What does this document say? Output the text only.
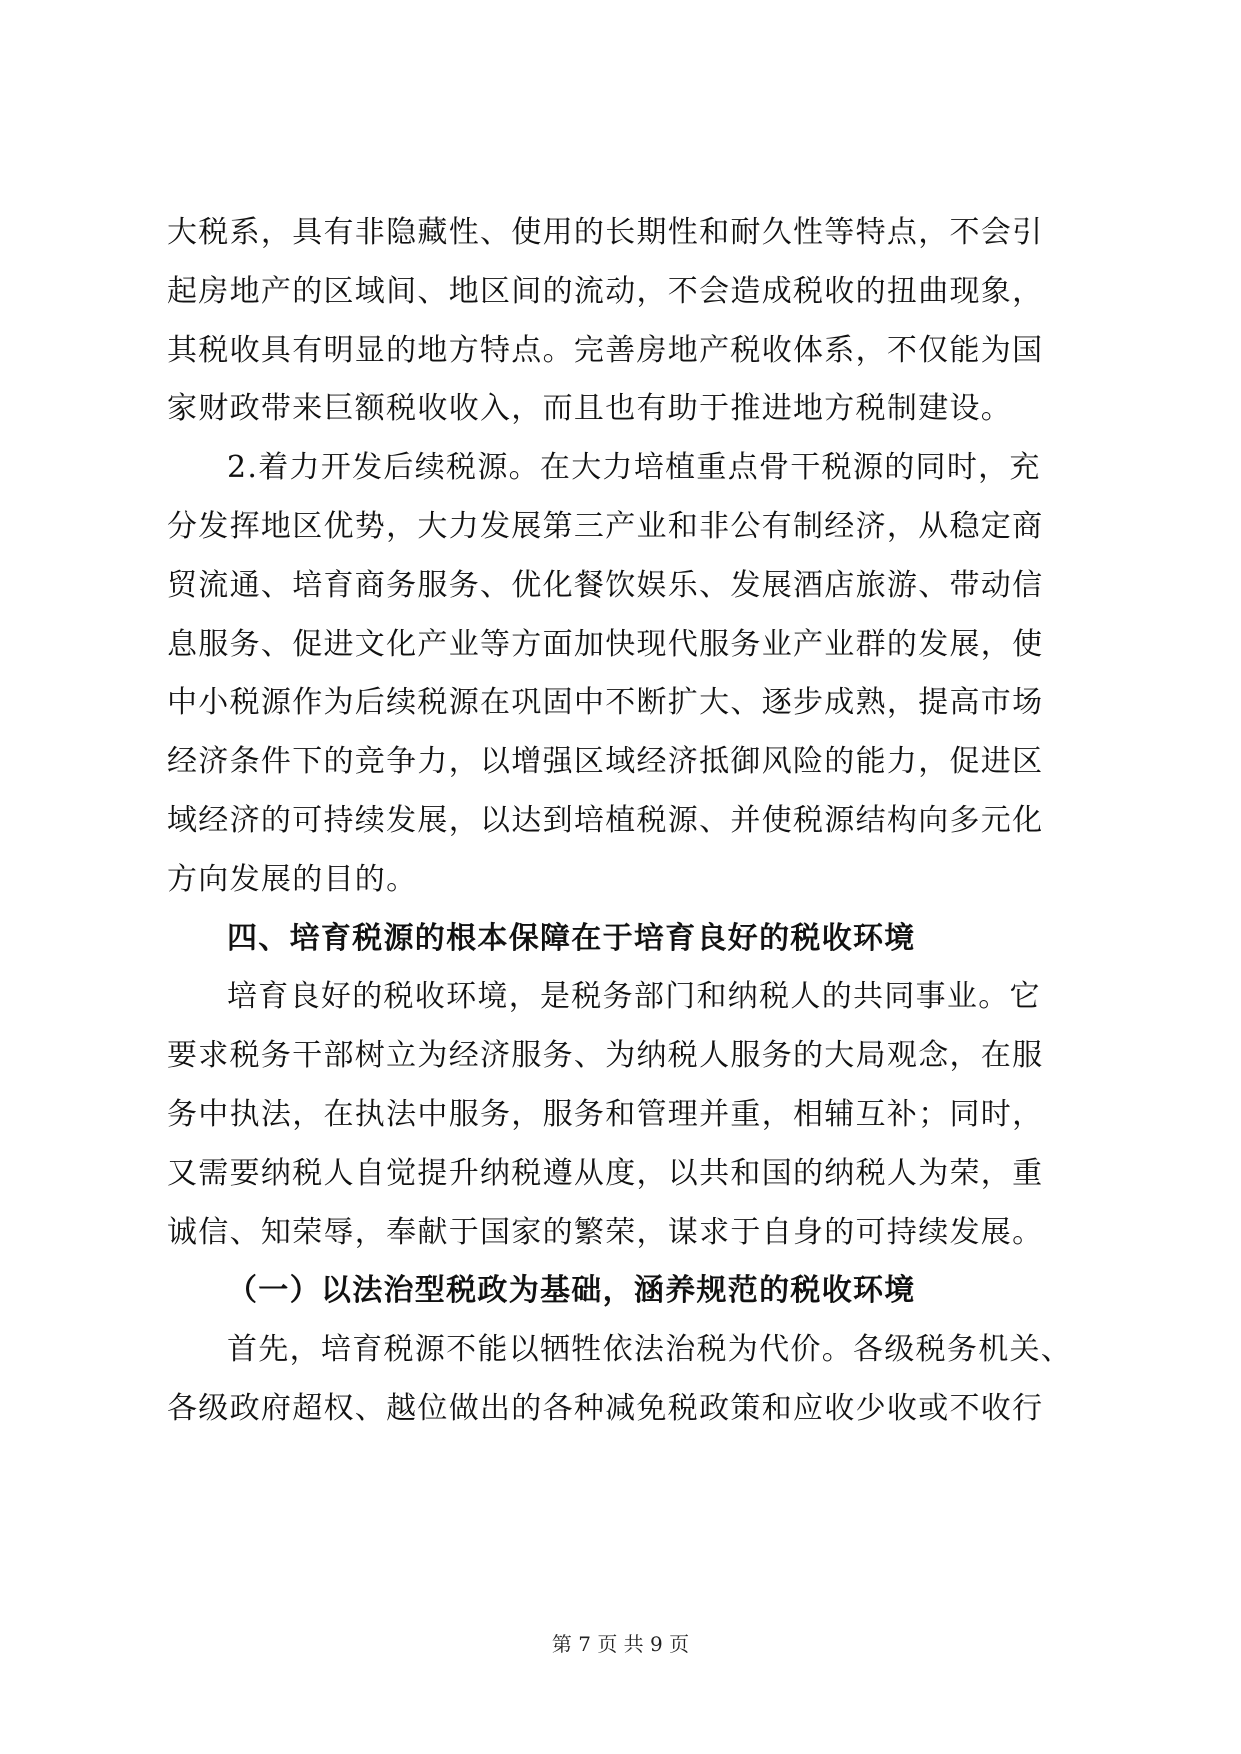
大税系，具有非隐藏性、使用的长期性和耐久性等特点，不会引
起房地产的区域间、地区间的流动，不会造成税收的扭曲现象，
其税收具有明显的地方特点。完善房地产税收体系，不仅能为国
家财政带来巨额税收收入，而且也有助于推进地方税制建设。

2.着力开发后续税源。在大力培植重点骨干税源的同时，充
分发挥地区优势，大力发展第三产业和非公有制经济，从稳定商
贸流通、培育商务服务、优化餐饮娱乐、发展酒店旅游、带动信
息服务、促进文化产业等方面加快现代服务业产业群的发展，使
中小税源作为后续税源在巩固中不断扩大、逐步成熟，提高市场
经济条件下的竞争力，以增强区域经济抵御风险的能力，促进区
域经济的可持续发展，以达到培植税源、并使税源结构向多元化
方向发展的目的。

四、培育税源的根本保障在于培育良好的税收环境

培育良好的税收环境，是税务部门和纳税人的共同事业。它
要求税务干部树立为经济服务、为纳税人服务的大局观念，在服
务中执法，在执法中服务，服务和管理并重，相辅互补；同时，
又需要纳税人自觉提升纳税遵从度，以共和国的纳税人为荣，重
诚信、知荣辱，奉献于国家的繁荣，谋求于自身的可持续发展。

（一）以法治型税政为基础，涵养规范的税收环境

首先，培育税源不能以牺牲依法治税为代价。各级税务机关、
各级政府超权、越位做出的各种减免税政策和应收少收或不收行

第 7 页 共 9 页
